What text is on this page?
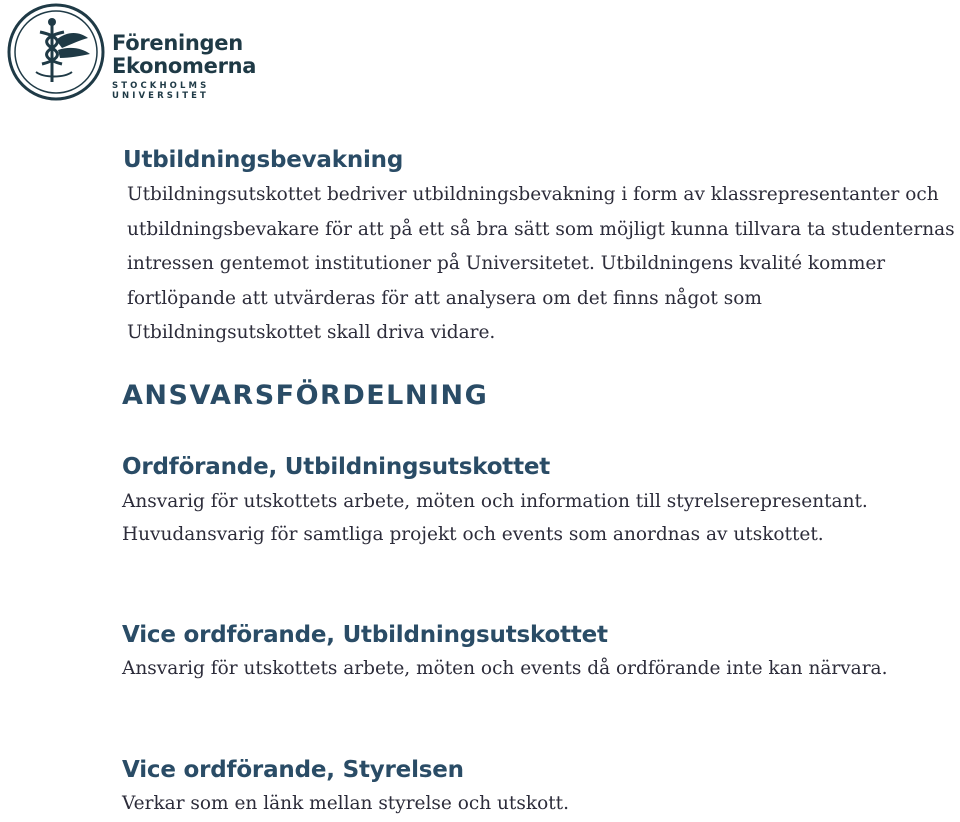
Föreningen
Ekonomerna
STOCKHOLMS UNIVERSITET
Utbildningsbevakning
Utbildningsutskottet bedriver utbildningsbevakning i form av klassrepresentanter och utbildningsbevakare för att på ett så bra sätt som möjligt kunna tillvara ta studenternas intressen gentemot institutioner på Universitetet. Utbildningens kvalité kommer fortlöpande att utvärderas för att analysera om det finns något som Utbildningsutskottet skall driva vidare.
ANSVARSFÖRDELNING
Ordförande, Utbildningsutskottet
Ansvarig för utskottets arbete, möten och information till styrelserepresentant. Huvudansvarig för samtliga projekt och events som anordnas av utskottet.
Vice ordförande, Utbildningsutskottet
Ansvarig för utskottets arbete, möten och events då ordförande inte kan närvara.
Vice ordförande, Styrelsen
Verkar som en länk mellan styrelse och utskott.
